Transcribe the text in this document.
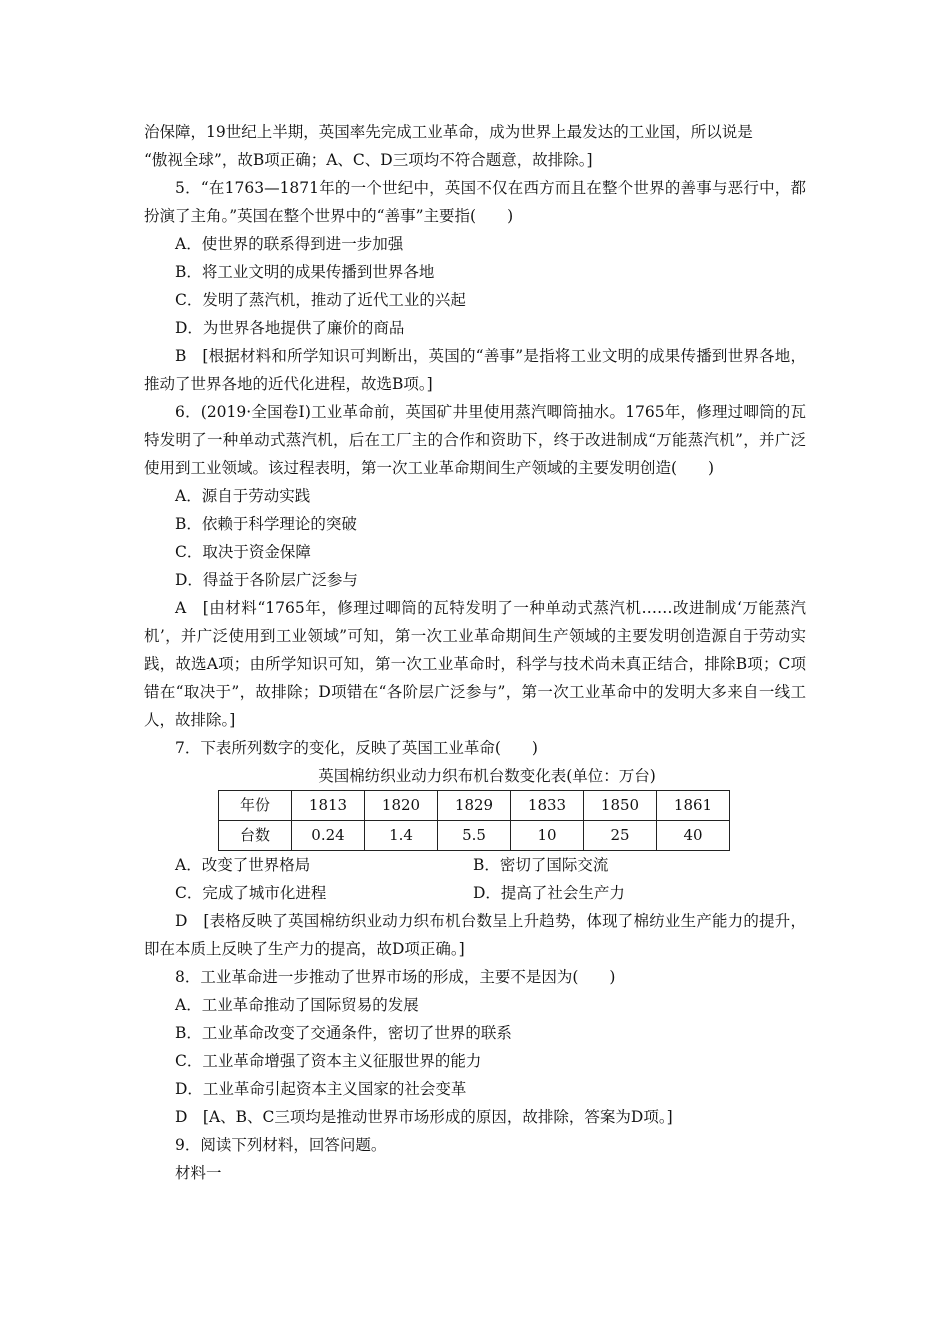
治保障，19世纪上半期，英国率先完成工业革命，成为世界上最发达的工业国，所以说是

“傲视全球”，故B项正确；A、C、D三项均不符合题意，故排除。]

5．“在1763—1871年的一个世纪中，英国不仅在西方而且在整个世界的善事与恶行中，都扮演了主角。”英国在整个世界中的“善事”主要指(　　)

A．使世界的联系得到进一步加强

B．将工业文明的成果传播到世界各地

C．发明了蒸汽机，推动了近代工业的兴起

D．为世界各地提供了廉价的商品

B　[根据材料和所学知识可判断出，英国的“善事”是指将工业文明的成果传播到世界各地，推动了世界各地的近代化进程，故选B项。]

6．(2019·全国卷Ⅰ)工业革命前，英国矿井里使用蒸汽唧筒抽水。1765年，修理过唧筒的瓦特发明了一种单动式蒸汽机，后在工厂主的合作和资助下，终于改进制成“万能蒸汽机”，并广泛使用到工业领域。该过程表明，第一次工业革命期间生产领域的主要发明创造(　　)

A．源自于劳动实践

B．依赖于科学理论的突破

C．取决于资金保障

D．得益于各阶层广泛参与

A　[由材料“1765年，修理过唧筒的瓦特发明了一种单动式蒸汽机……改进制成‘万能蒸汽机’，并广泛使用到工业领域”可知，第一次工业革命期间生产领域的主要发明创造源自于劳动实践，故选A项；由所学知识可知，第一次工业革命时，科学与技术尚未真正结合，排除B项；C项错在“取决于”，故排除；D项错在“各阶层广泛参与”，第一次工业革命中的发明大多来自一线工人，故排除。]

7．下表所列数字的变化，反映了英国工业革命(　　)

英国棉纺织业动力织布机台数变化表(单位：万台)

年份	1813	1820	1829	1833	1850	1861
台数	0.24	1.4	5.5	10	25	40
A．改变了世界格局	B．密切了国际交流
C．完成了城市化进程	D．提高了社会生产力

D　[表格反映了英国棉纺织业动力织布机台数呈上升趋势，体现了棉纺业生产能力的提升，即在本质上反映了生产力的提高，故D项正确。]

8．工业革命进一步推动了世界市场的形成，主要不是因为(　　)

A．工业革命推动了国际贸易的发展

B．工业革命改变了交通条件，密切了世界的联系

C．工业革命增强了资本主义征服世界的能力

D．工业革命引起资本主义国家的社会变革

D　[A、B、C三项均是推动世界市场形成的原因，故排除，答案为D项。]

9．阅读下列材料，回答问题。

材料一
